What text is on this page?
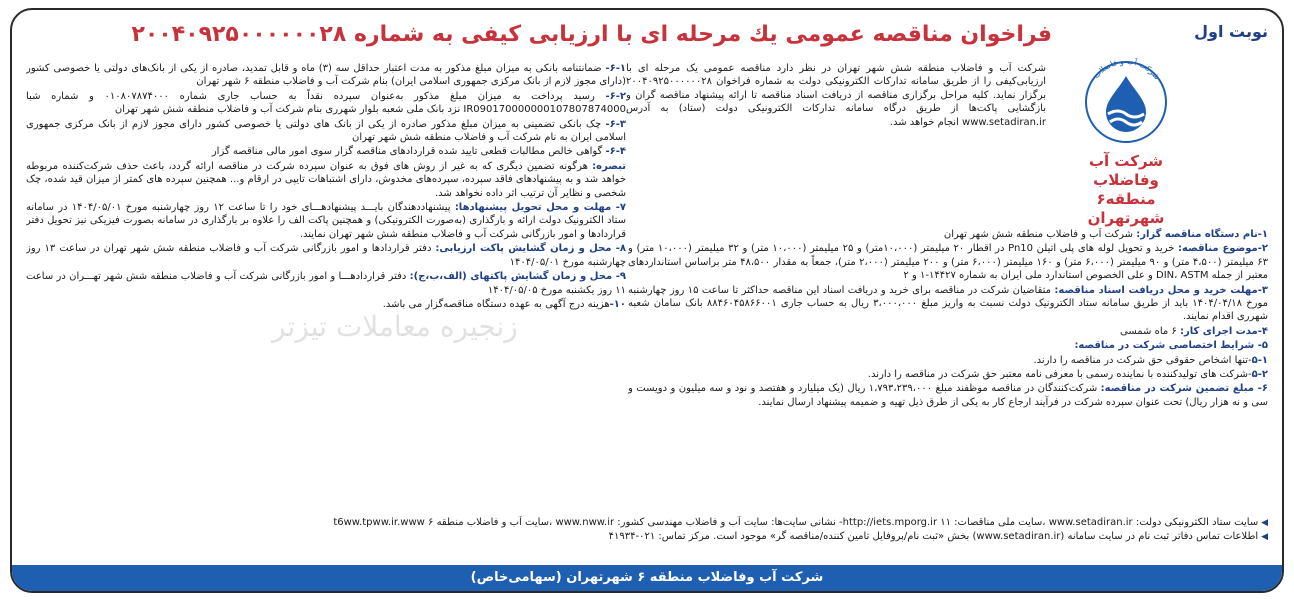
نوبت اول
فراخوان مناقصه عمومی یك مرحله ای با ارزیابی كیفی به شماره ۲۰۰۴۰۹۲۵۰۰۰۰۰۰۲۸
شرکت آب و فاضلاب
شرکت آب وفاضلاب
منطقه۶ شهرتهران
شرکت آب و فاضلاب منطقه شش شهر تهران در نظر دارد مناقصه عمومی یک مرحله ای با ارزیابی‌کیفی را از طریق سامانه تدارکات الکترونیکی دولت به شماره فراخوان ۲۰۰۴۰۹۲۵۰۰۰۰۰۰۲۸ برگزار نماید. کلیه مراحل برگزاری مناقصه از دریافت اسناد مناقصه تا ارائه پیشنهاد مناقصه گران و بازگشایی پاکت‌ها از طریق درگاه سامانه تدارکات الکترونیکی دولت (ستاد) به آدرس www.setadiran.ir انجام خواهد شد.
۱-نام دستگاه مناقصه گزار: شرکت آب و فاضلاب منطقه شش شهر تهران
۲-موضوع مناقصه: خرید و تحویل لوله های پلی اتیلن Pn10 در اقطار ۲۰ میلیمتر (۱۰،۰۰۰متر) و ۲۵ میلیمتر (۱۰،۰۰۰ متر) و ۳۲ میلیمتر (۱۰،۰۰۰ متر) و ۶۳ میلیمتر (۴،۵۰۰ متر) و ۹۰ میلیمتر (۶،۰۰۰ متر) و ۱۶۰ میلیمتر (۶،۰۰۰ متر) و ۲۰۰ میلیمتر (۲،۰۰۰ متر)، جمعاً به مقدار ۴۸،۵۰۰ متر براساس استانداردهای معتبر از جمله DIN، ASTM و علی الخصوص استاندارد ملی ایران به شماره ۱۴۴۲۷-۱ و ۲
۳-مهلت خرید و محل دریافت اسناد مناقصه: متقاضیان شرکت در مناقصه برای خرید و دریافت اسناد این مناقصه حداکثر تا ساعت ۱۵ روز چهارشنبه مورخ ۱۴۰۴/۰۴/۱۸ باید از طریق سامانه ستاد الکترونیک دولت نسبت به واریز مبلغ ۳،۰۰۰،۰۰۰ ریال به حساب جاری ۸۸۴۶۰۴۵۸۶۶۰۰۱ بانک سامان شعبه شهرری اقدام نمایند.
۴-مدت اجرای کار: ۶ ماه شمسی
۵- شرایط اختصاصی شرکت در مناقصه:
۵-۱-تنها اشخاص حقوقی حق شرکت در مناقصه را دارند.
۵-۲-شرکت های تولیدکننده با نماینده رسمی با معرفی نامه معتبر حق شرکت در مناقصه را دارند.
۶- مبلغ تضمین شرکت در مناقصه: شرکت‌کنندگان در مناقصه موظفند مبلغ ۱،۷۹۳،۲۳۹،۰۰۰ ریال (یک میلیارد و هفتصد و نود و سه میلیون و دویست و سی و نه هزار ریال) تحت عنوان سپرده شرکت در فرآیند ارجاع کار به یکی از طرق ذیل تهیه و ضمیمه پیشنهاد ارسال نمایند.
۶-۱- ضمانتنامه بانکی به میزان مبلغ مذکور به مدت اعتبار حداقل سه (۳) ماه و قابل تمدید، صادره از یکی از بانک‌های دولتی یا خصوصی کشور (دارای مجوز لازم از بانک مرکزی جمهوری اسلامی ایران) بنام شرکت آب و فاضلاب منطقه ۶ شهر تهران
۶-۲- رسید پرداخت به میزان مبلغ مذکور به‌عنوان سپرده نقداً به حساب جاری شماره ۰۱۰۸۰۷۸۷۴۰۰۰ و شماره شبا IR090170000000107807874000 نزد بانک ملی شعبه بلوار شهرری بنام شرکت آب و فاضلاب منطقه شش شهر تهران
۶-۳- چک بانکی تضمینی به میزان مبلغ مذکور صادره از یکی از بانک های دولتی یا خصوصی کشور دارای مجوز لازم از بانک مرکزی جمهوری اسلامی ایران به نام شرکت آب و فاضلاب منطقه شش شهر تهران
۶-۴- گواهی خالص مطالبات قطعی تایید شده قراردادهای مناقصه گزار سوی امور مالی مناقصه گزار
تبصره: هرگونه تضمین دیگری که به غیر از روش های فوق به عنوان سپرده شرکت در مناقصه ارائه گردد، باعث حذف شرکت‌کننده مربوطه خواهد شد و به پیشنهادهای فاقد سپرده، سپرده‌های مخدوش، دارای اشتباهات تایپی در ارقام و... همچنین سپرده های کمتر از میزان قید شده، چک شخصی و نظایر آن ترتیب اثر داده نخواهد شد.
۷- مهلت و محل تحویل پیشنهادها: پیشنهاددهندگان بایـــد پیشنهادهـــای خود را تا ساعت ۱۲ روز چهارشنبه مورخ ۱۴۰۴/۰۵/۰۱ در سامانه ستاد الکترونیک دولت ارائه و بارگذاری (به‌صورت الکترونیکی) و همچنین پاکت الف را علاوه بر بارگذاری در سامانه بصورت فیزیکی نیز تحویل دفتر قراردادها و امور بازرگانی شرکت آب و فاضلاب منطقه شش شهر تهران نمایند.
۸- محل و زمان گشایش پاکت ارزیابی: دفتر قراردادها و امور بازرگانی شرکت آب و فاضلاب منطقه شش شهر تهران در ساعت ۱۳ روز چهارشنبه مورخ ۱۴۰۴/۰۵/۰۱
۹- محل و زمان گشایش پاکتهای (الف،ب،ج): دفتر قراردادهـــا و امور بازرگانی شرکت آب و فاضلاب منطقه شش شهر تهـــران در ساعت ۱۱ روز یکشنبه مورخ ۱۴۰۴/۰۵/۰۵
۱۰-هزینه درج آگهی به عهده دستگاه مناقصه‌گزار می باشد.
زنجیره معاملات تیزتر
◀ سایت ستاد الکترونیکی دولت: www.setadiran.ir ،سایت ملی مناقصات: http://iets.mporg.ir ۱۱- نشانی سایت‌ها: سایت آب و فاضلاب مهندسی کشور: www.nww.ir ،سایت آب و فاضلاب منطقه ۶ t6ww.tpww.ir.www
◀ اطلاعات تماس دفاتر ثبت نام در سایت سامانه (www.setadiran.ir) بخش «ثبت نام/پروفایل تامین کننده/مناقصه گر» موجود است. مرکز تماس: ۰۲۱-۴۱۹۳۴
شرکت آب وفاضلاب منطقه ۶ شهرتهران (سهامی‌خاص)
